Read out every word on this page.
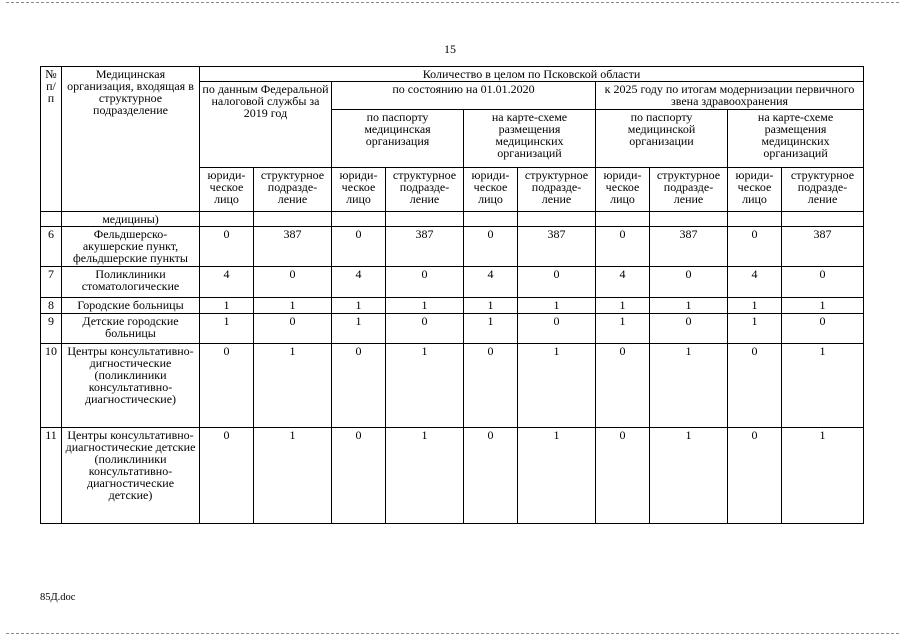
15
№ п/п	Медицинская организация, входящая в структурное подразделение	Количество в целом по Псковской области									
		по данным Федеральной налоговой службы за 2019 год		по состоянию на 01.01.2020				к 2025 году по итогам модернизации первичного звена здравоохранения			
				по паспорту медицинская организация		на карте-схеме размещения медицинских организаций		по паспорту медицинской организации		на карте-схеме размещения медицинских организаций	
		юриди-ческое лицо	структурное подразде-ление	юриди-ческое лицо	структурное подразде-ление	юриди-ческое лицо	структурное подразде-ление	юриди-ческое лицо	структурное подразде-ление	юриди-ческое лицо	структурное подразде-ление
	медицины)										
6	Фельдшерско-акушерские пункт, фельдшерские пункты	0	387	0	387	0	387	0	387	0	387
7	Поликлиники стоматологические	4	0	4	0	4	0	4	0	4	0
8	Городские больницы	1	1	1	1	1	1	1	1	1	1
9	Детские городские больницы	1	0	1	0	1	0	1	0	1	0
10	Центры консультативно-дигностические (поликлиники консультативно-диагностические)	0	1	0	1	0	1	0	1	0	1
11	Центры консультативно-диагностические детские (поликлиники консультативно-диагностические детские)	0	1	0	1	0	1	0	1	0	1
85Д.doc
